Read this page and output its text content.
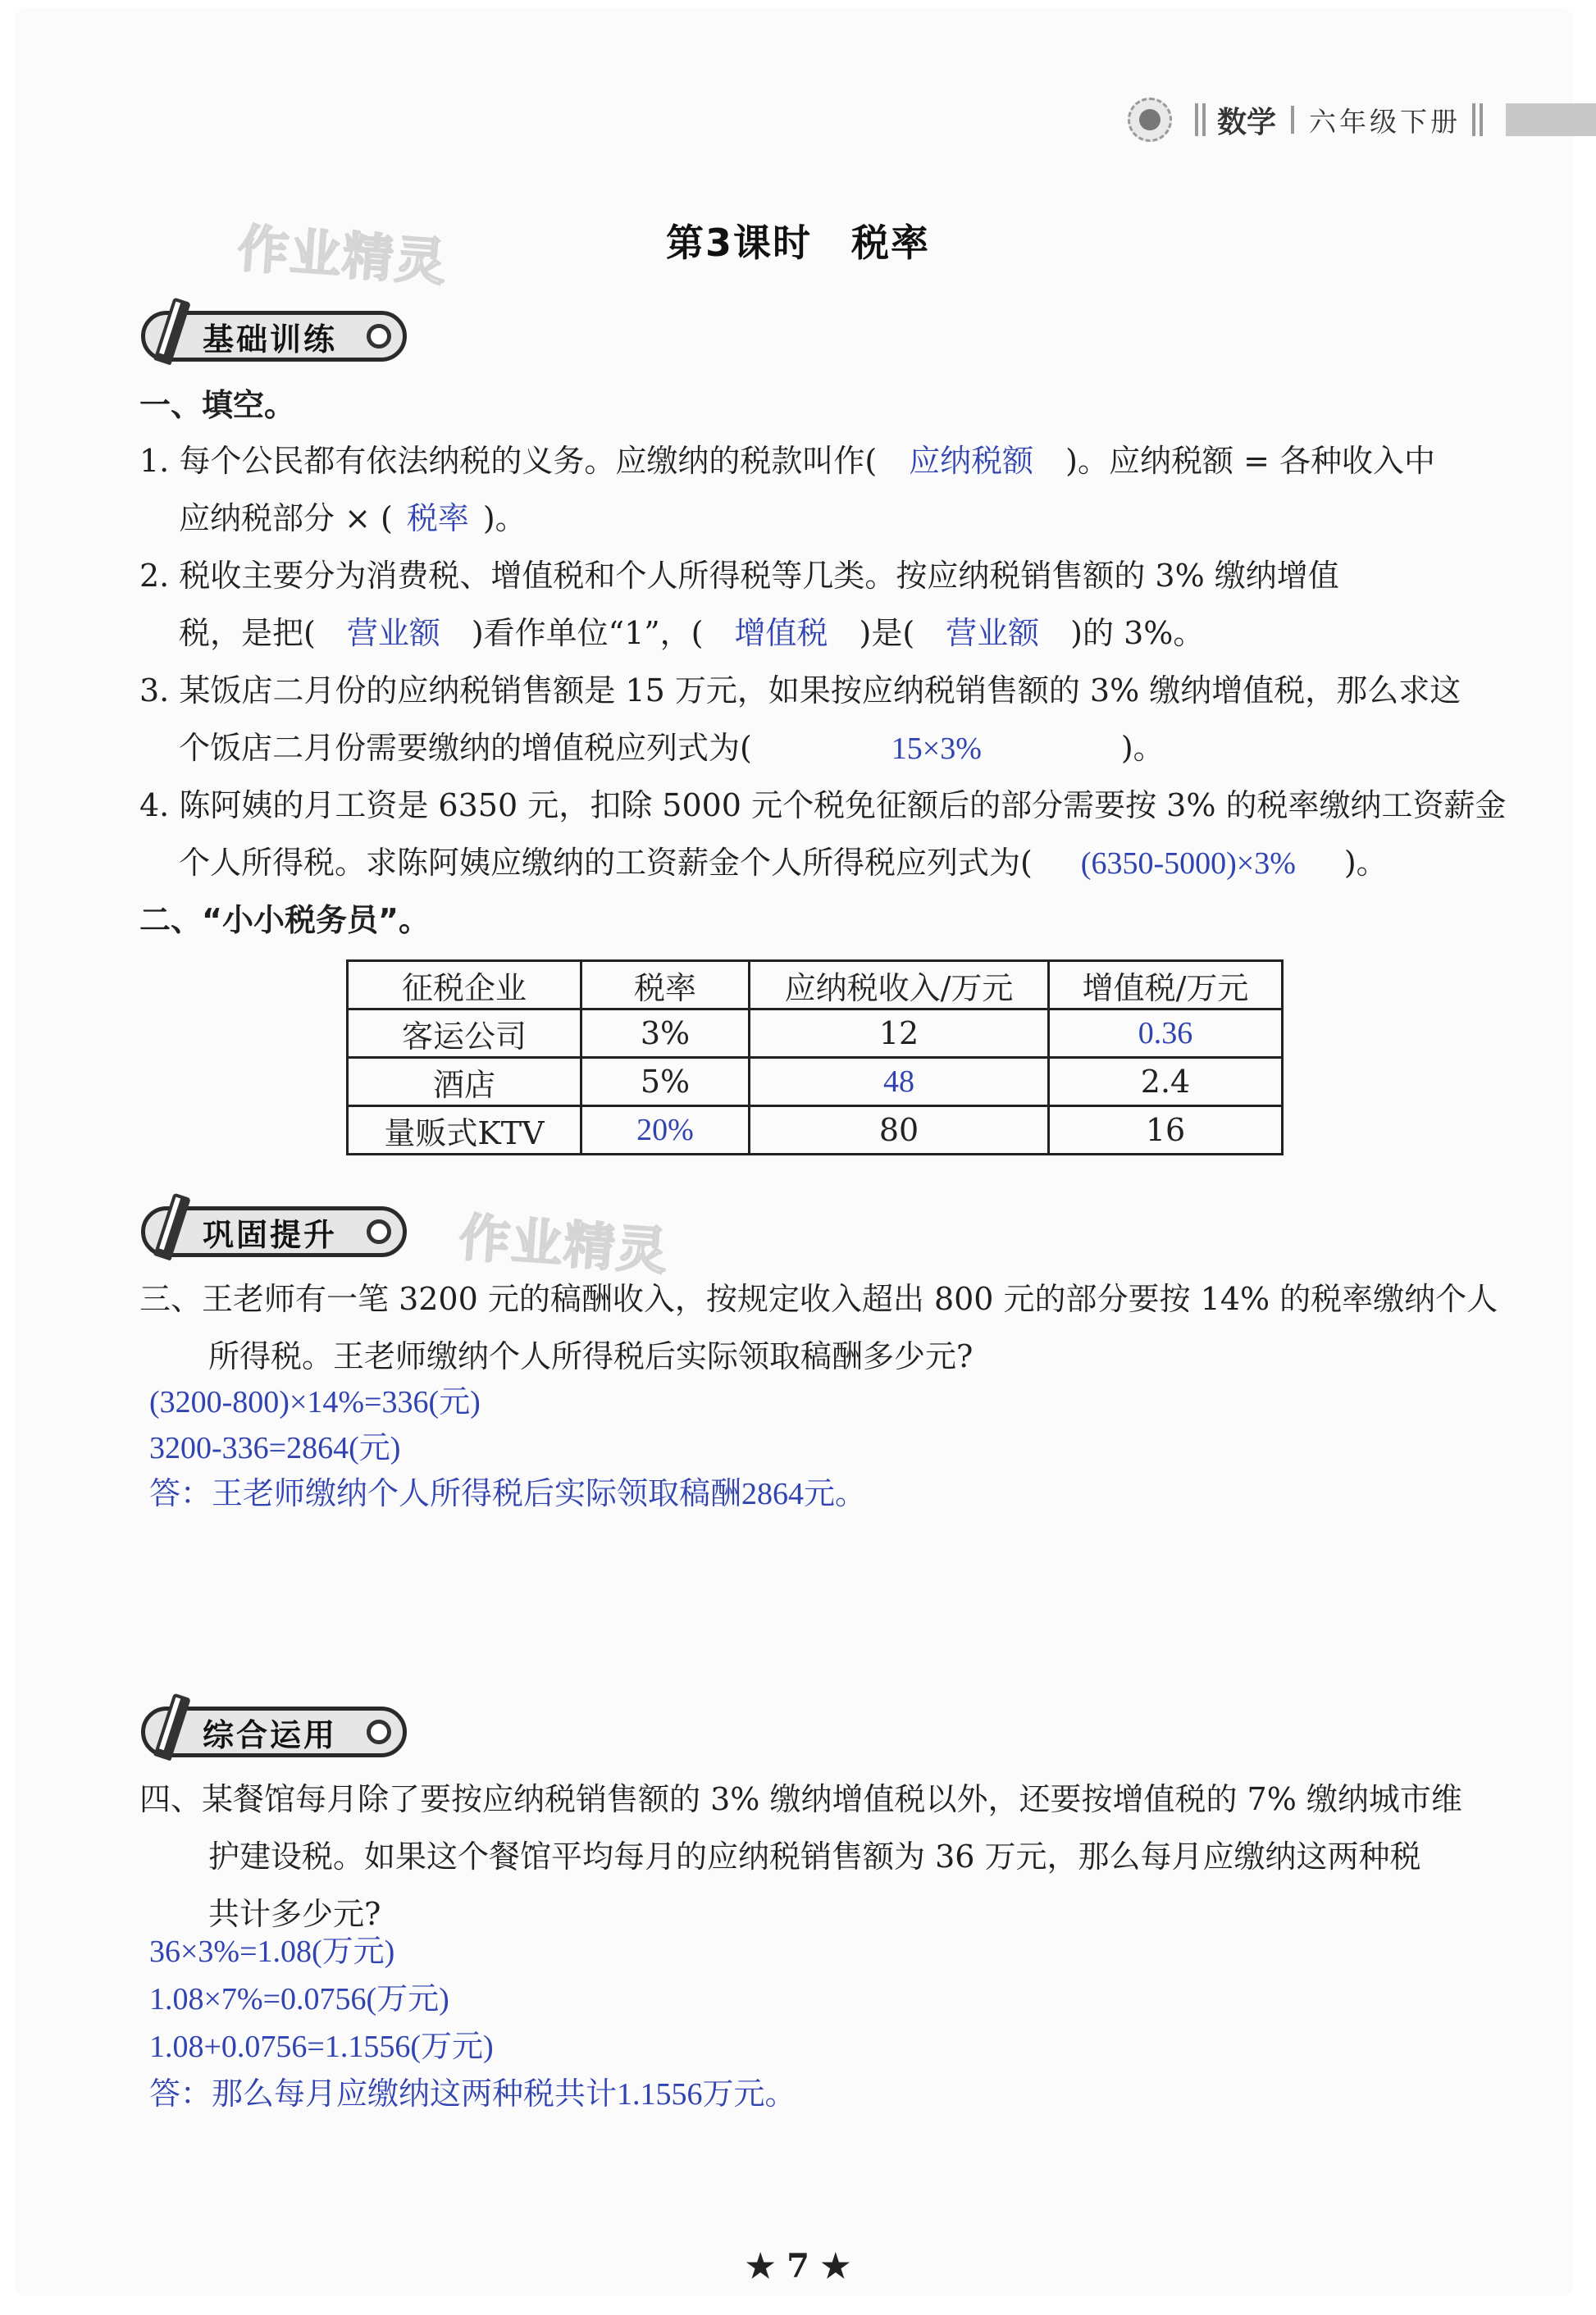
数学 六年级下册
作业精灵
作业精灵
第3课时　税率
基础训练
一、填空。
1. 每个公民都有依法纳税的义务。应缴纳的税款叫作( 应纳税额 )。应纳税额 = 各种收入中
应纳税部分 × ( 税率 )。
2. 税收主要分为消费税、增值税和个人所得税等几类。按应纳税销售额的 3% 缴纳增值
税，是把( 营业额 )看作单位“1”，( 增值税 )是( 营业额 )的 3%。
3. 某饭店二月份的应纳税销售额是 15 万元，如果按应纳税销售额的 3% 缴纳增值税，那么求这
个饭店二月份需要缴纳的增值税应列式为(	15×3%	)。
4. 陈阿姨的月工资是 6350 元，扣除 5000 元个税免征额后的部分需要按 3% 的税率缴纳工资薪金
个人所得税。求陈阿姨应缴纳的工资薪金个人所得税应列式为( (6350-5000)×3% )。
二、“小小税务员”。
征税企业	税率	应纳税收入/万元	增值税/万元
客运公司	3%	12	0.36
酒店	5%	48	2.4
量贩式KTV	20%	80	16
巩固提升
三、王老师有一笔 3200 元的稿酬收入，按规定收入超出 800 元的部分要按 14% 的税率缴纳个人
所得税。王老师缴纳个人所得税后实际领取稿酬多少元?
(3200-800)×14%=336(元)
3200-336=2864(元)
答：王老师缴纳个人所得税后实际领取稿酬2864元。
综合运用
四、某餐馆每月除了要按应纳税销售额的 3% 缴纳增值税以外，还要按增值税的 7% 缴纳城市维
护建设税。如果这个餐馆平均每月的应纳税销售额为 36 万元，那么每月应缴纳这两种税
共计多少元?
36×3%=1.08(万元)
1.08×7%=0.0756(万元)
1.08+0.0756=1.1556(万元)
答：那么每月应缴纳这两种税共计1.1556万元。
★ 7 ★
